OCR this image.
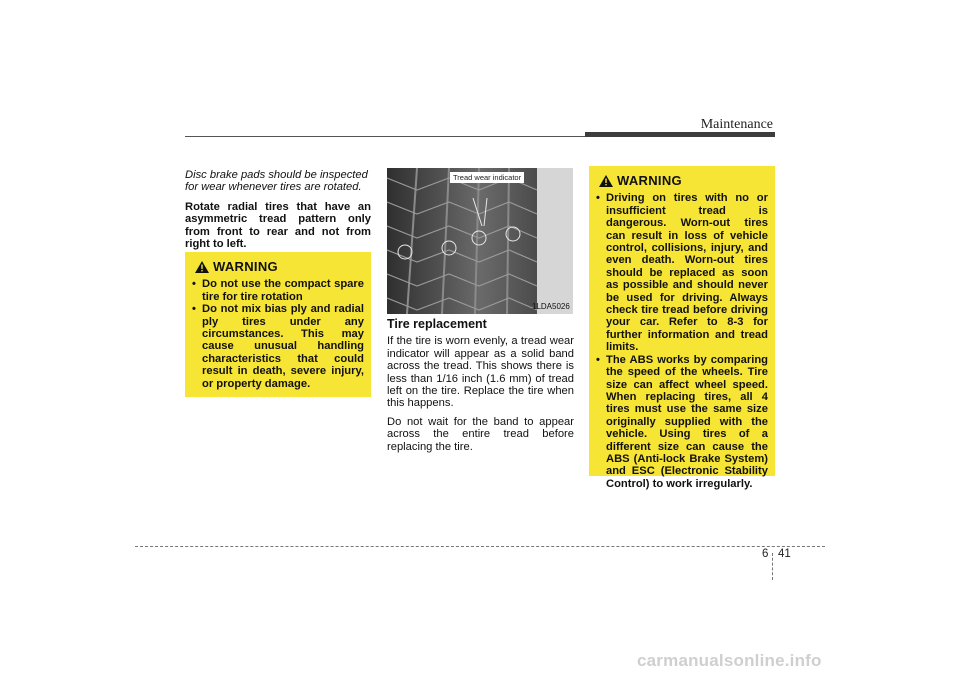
Maintenance

Disc brake pads should be inspected for wear whenever tires are rotated.

Rotate radial tires that have an asymmetric tread pattern only from front to rear and not from right to left.

WARNING
• Do not use the compact spare tire for tire rotation
• Do not mix bias ply and radial ply tires under any circumstances. This may cause unusual handling characteristics that could result in death, severe injury, or property damage.
Tread wear indicator
1LDA5026
Tire replacement

If the tire is worn evenly, a tread wear indicator will appear as a solid band across the tread. This shows there is less than 1/16 inch (1.6 mm) of tread left on the tire. Replace the tire when this happens.

Do not wait for the band to appear across the entire tread before replacing the tire.

WARNING
• Driving on tires with no or insufficient tread is dangerous. Worn-out tires can result in loss of vehicle control, collisions, injury, and even death. Worn-out tires should be replaced as soon as possible and should never be used for driving. Always check tire tread before driving your car. Refer to 8-3 for further information and tread limits.
• The ABS works by comparing the speed of the wheels. Tire size can affect wheel speed. When replacing tires, all 4 tires must use the same size originally supplied with the vehicle. Using tires of a different size can cause the ABS (Anti-lock Brake System) and ESC (Electronic Stability Control) to work irregularly.
6 41
carmanualsonline.info
